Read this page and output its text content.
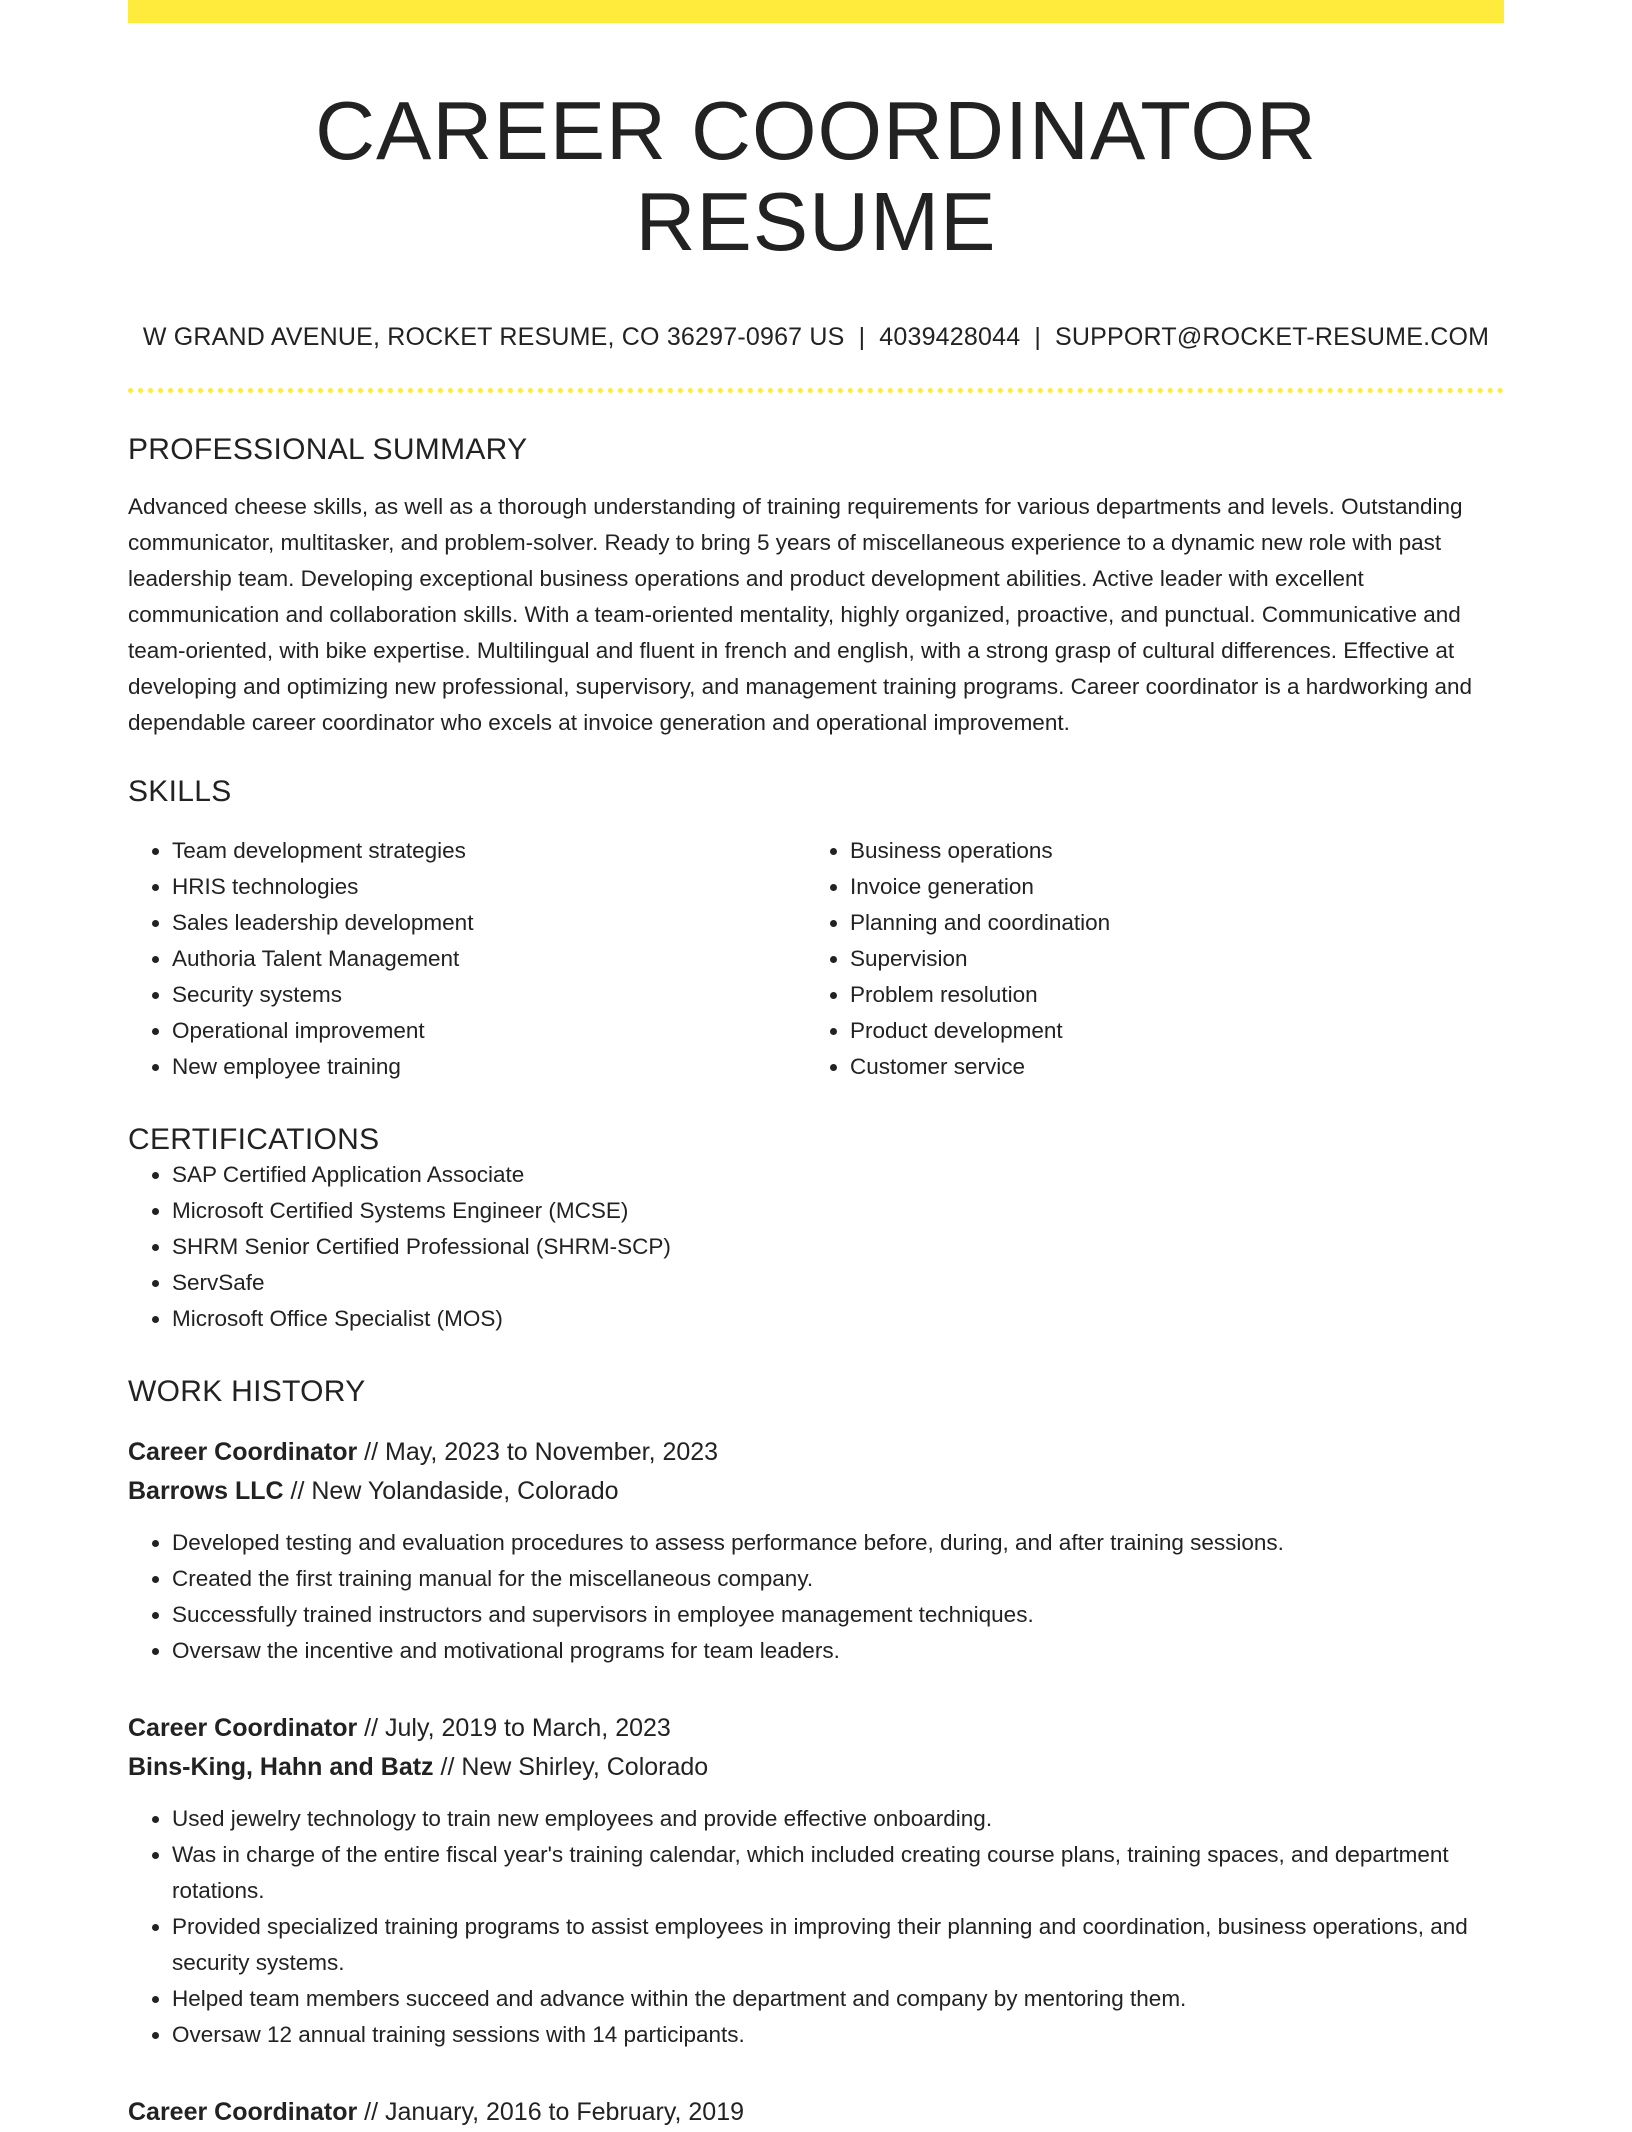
CAREER COORDINATOR RESUME
W GRAND AVENUE, ROCKET RESUME, CO 36297-0967 US | 4039428044 | SUPPORT@ROCKET-RESUME.COM
PROFESSIONAL SUMMARY
Advanced cheese skills, as well as a thorough understanding of training requirements for various departments and levels. Outstanding communicator, multitasker, and problem-solver. Ready to bring 5 years of miscellaneous experience to a dynamic new role with past leadership team. Developing exceptional business operations and product development abilities. Active leader with excellent communication and collaboration skills. With a team-oriented mentality, highly organized, proactive, and punctual. Communicative and team-oriented, with bike expertise. Multilingual and fluent in french and english, with a strong grasp of cultural differences. Effective at developing and optimizing new professional, supervisory, and management training programs. Career coordinator is a hardworking and dependable career coordinator who excels at invoice generation and operational improvement.
SKILLS
• Team development strategies
• HRIS technologies
• Sales leadership development
• Authoria Talent Management
• Security systems
• Operational improvement
• New employee training
• Business operations
• Invoice generation
• Planning and coordination
• Supervision
• Problem resolution
• Product development
• Customer service
CERTIFICATIONS
• SAP Certified Application Associate
• Microsoft Certified Systems Engineer (MCSE)
• SHRM Senior Certified Professional (SHRM-SCP)
• ServSafe
• Microsoft Office Specialist (MOS)
WORK HISTORY
Career Coordinator // May, 2023 to November, 2023
Barrows LLC // New Yolandaside, Colorado
• Developed testing and evaluation procedures to assess performance before, during, and after training sessions.
• Created the first training manual for the miscellaneous company.
• Successfully trained instructors and supervisors in employee management techniques.
• Oversaw the incentive and motivational programs for team leaders.
Career Coordinator // July, 2019 to March, 2023
Bins-King, Hahn and Batz // New Shirley, Colorado
• Used jewelry technology to train new employees and provide effective onboarding.
• Was in charge of the entire fiscal year's training calendar, which included creating course plans, training spaces, and department rotations.
• Provided specialized training programs to assist employees in improving their planning and coordination, business operations, and security systems.
• Helped team members succeed and advance within the department and company by mentoring them.
• Oversaw 12 annual training sessions with 14 participants.
Career Coordinator // January, 2016 to February, 2019
